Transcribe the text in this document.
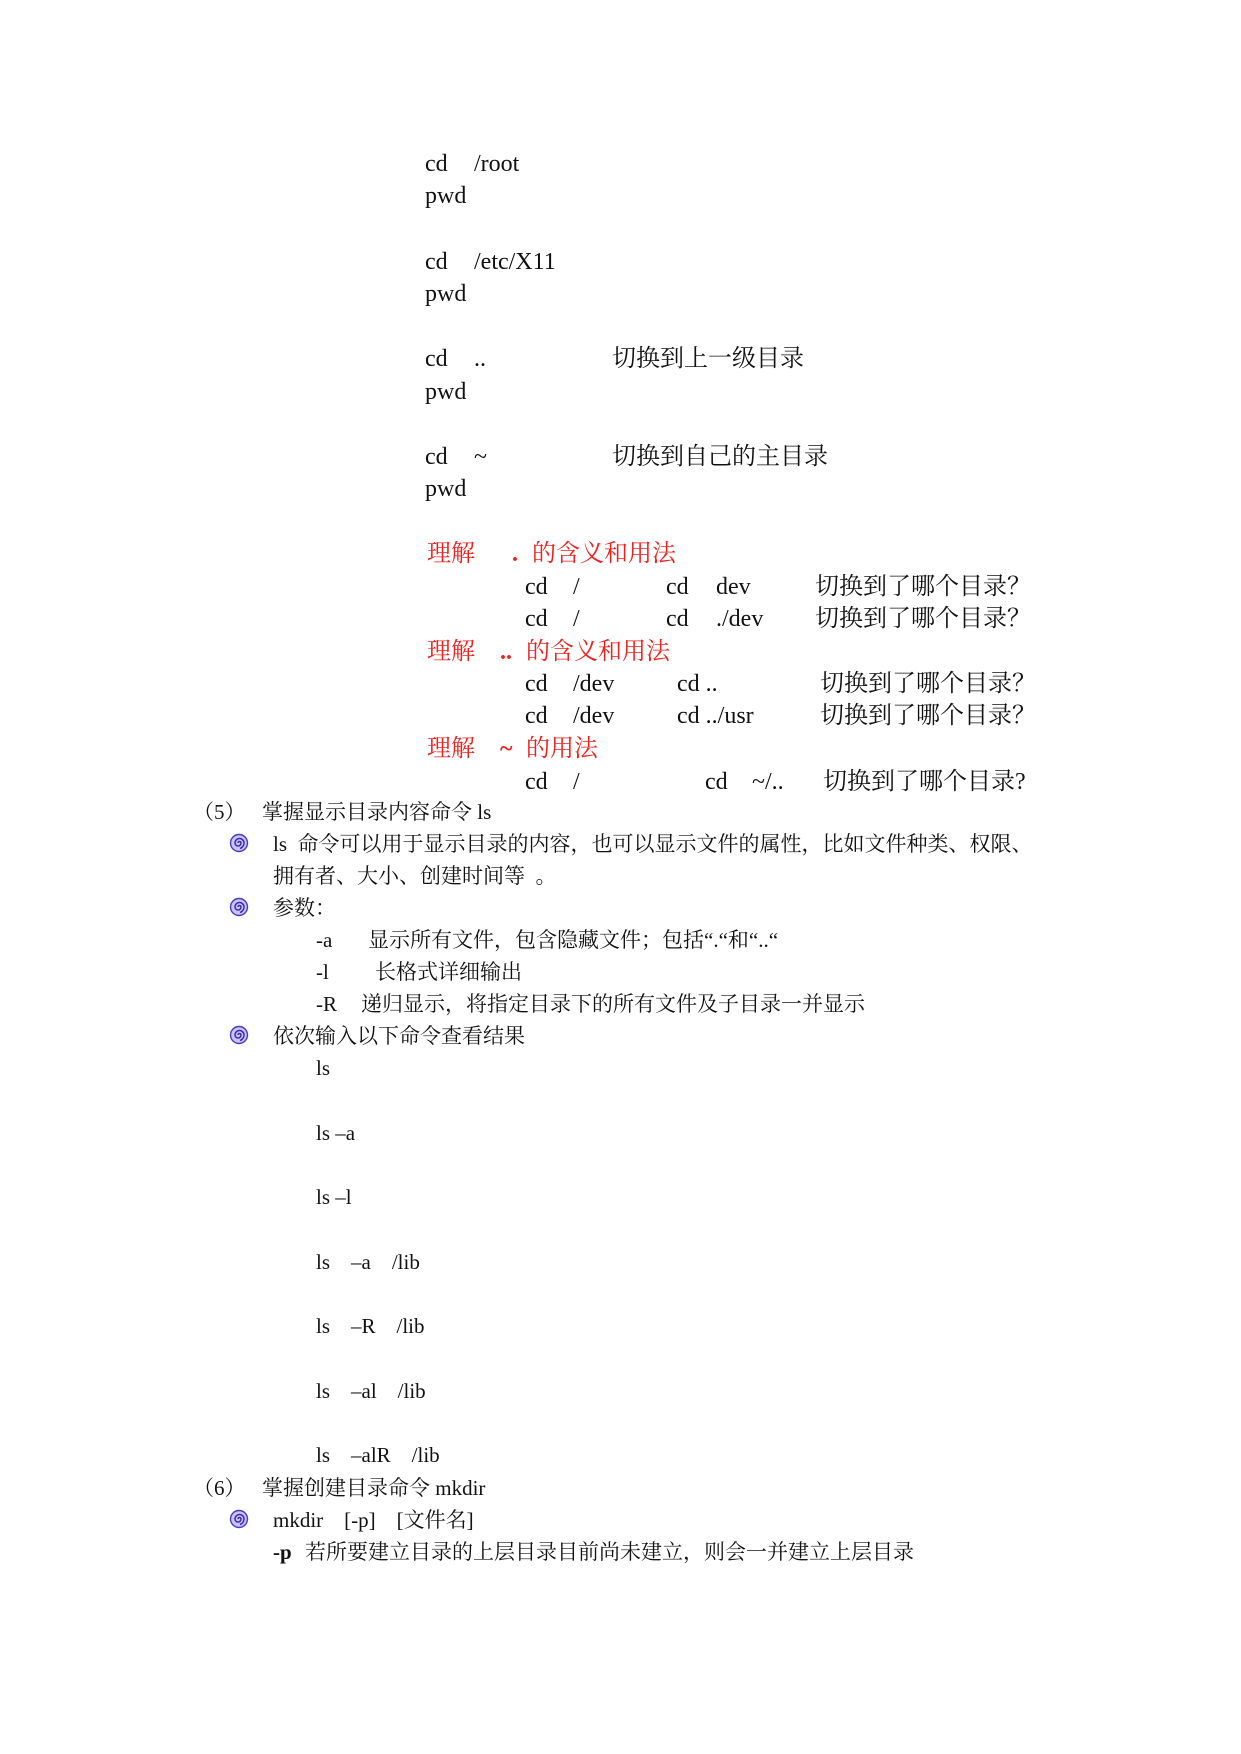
cd /root
pwd
cd /etc/X11
pwd
cd ..	切换到上一级目录
pwd
cd ~	切换到自己的主目录
pwd
理解 . 的含义和用法
cd /	cd dev	切换到了哪个目录？
cd /	cd ./dev 切换到了哪个目录？
理解 .. 的含义和用法
cd /dev	cd ..	切换到了哪个目录？
cd /dev	cd ../usr	切换到了哪个目录？
理解 ~ 的用法
cd /	cd ~/.. 切换到了哪个目录?
（5） 掌握显示目录内容命令 ls
ls  命令可以用于显示目录的内容，也可以显示文件的属性，比如文件种类、权限、
拥有者、大小、创建时间等  。
参数：
-a 显示所有文件，包含隐藏文件；包括“.“和“..“
-l 长格式详细输出
-R 递归显示，将指定目录下的所有文件及子目录一并显示
依次输入以下命令查看结果
ls
ls –a
ls –l
ls    –a    /lib
ls    –R    /lib
ls    –al    /lib
ls    –alR    /lib
（6） 掌握创建目录命令 mkdir
mkdir    [-p]    [文件名]
-p 若所要建立目录的上层目录目前尚未建立，则会一并建立上层目录
